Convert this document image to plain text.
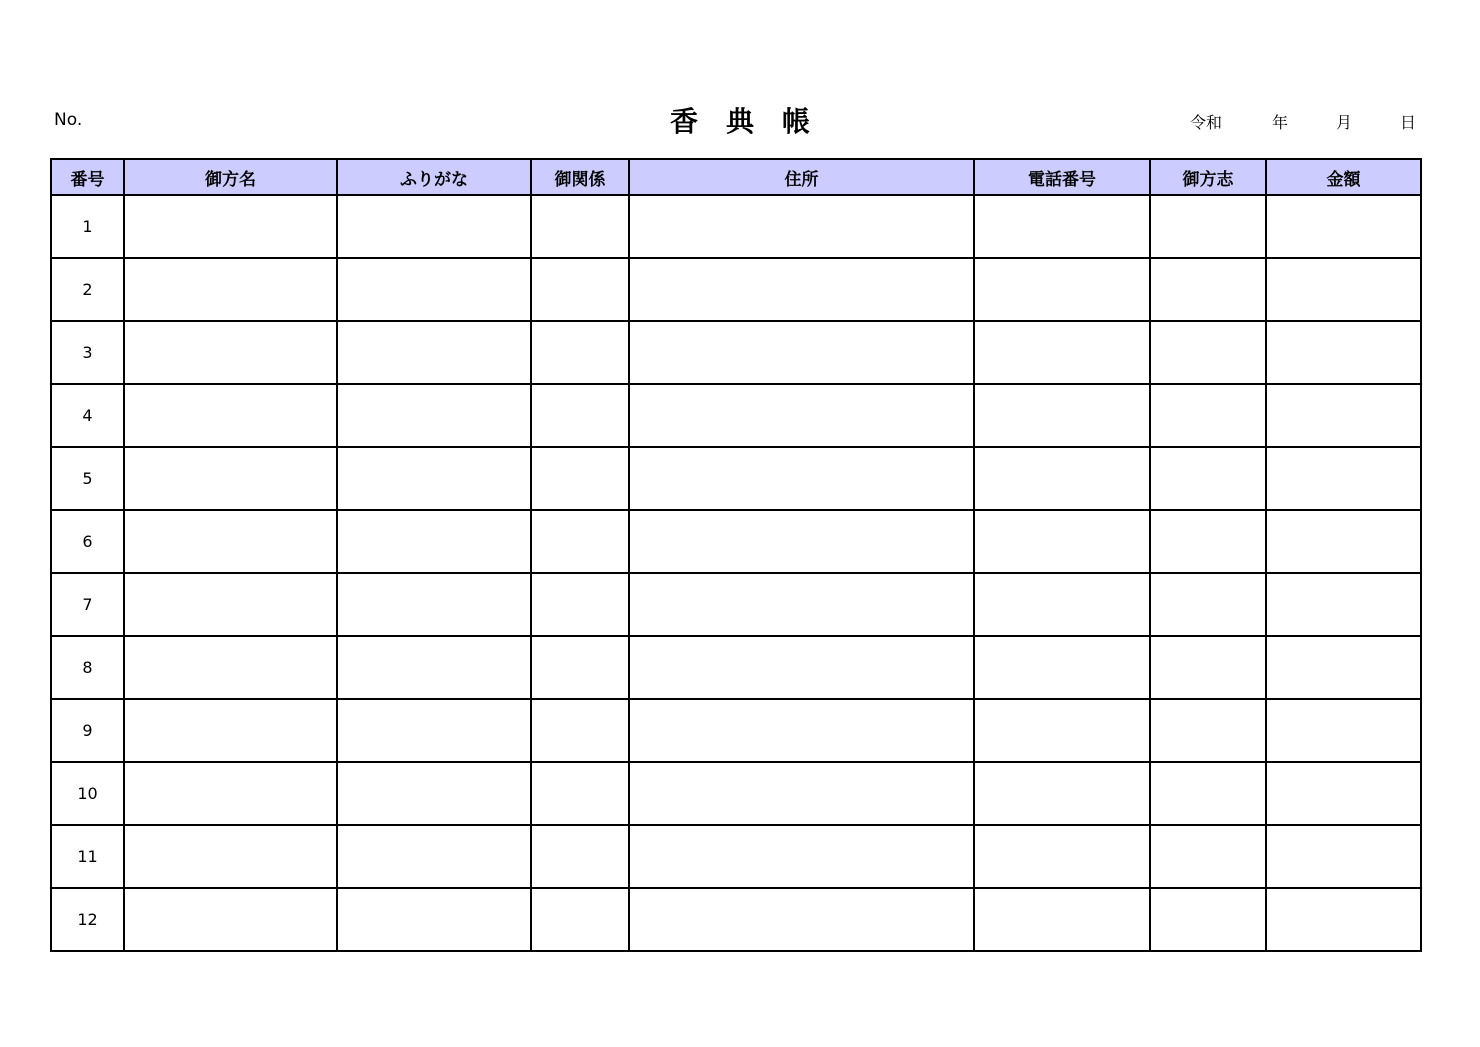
No.	香典帳	令和	年	月	日
番号	御方名	ふりがな	御関係	住所	電話番号	御方志	金額
1							
2							
3							
4							
5							
6							
7							
8							
9							
10							
11							
12							
